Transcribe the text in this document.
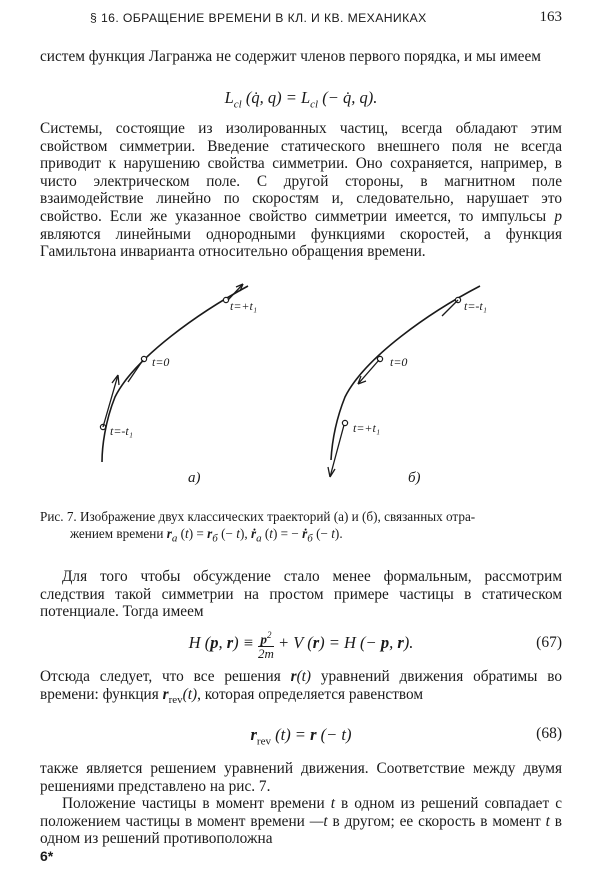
§ 16. ОБРАЩЕНИЕ ВРЕМЕНИ В КЛ. И КВ. МЕХАНИКАХ	163

систем функция Лагранжа не содержит членов первого порядка, и мы имеем

$L_{cl}$ (q̇, $q) = L_{cl}$ (− q̇, q).

Системы, состоящие из изолированных частиц, всегда обладают этим свойством симметрии. Введение статического внешнего поля не всегда приводит к нарушению свойства симметрии. Оно сохраняется, например, в чисто электрическом поле. С другой стороны, в магнитном поле взаимодействие линейно по скоростям и, следовательно, нарушает это свойство. Если же указанное свойство симметрии имеется, то импульсы p являются линейными однородными функциями скоростей, а функция Гамильтона инварианта относительно обращения времени.

t=+t₁
t=0
t=-t₁
а)
t=-t₁
t=0
t=+t₁
б)
Рис. 7. Изображение двух классических траекторий (а) и (б), связанных отра-
жением времени $r_a$ $(t) = r_б$ (− t), ṙ$_a$ (t) = − ṙ$_б$ (− t).

Для того чтобы обсуждение стало менее формальным, рассмотрим следствия такой симметрии на простом примере частицы в статическом потенциале. Тогда имеем

H (p, $r) \equiv \frac{p^2}{2m} + V$ (r) = H (− p, r).	(67)

Отсюда следует, что все решения r(t) уравнений движения обратимы во времени: функция $r_{rev}(t)$, которая определяется равенством

$r_{rev}$ (t) = r (− t)	(68)

также является решением уравнений движения. Соответствие между двумя решениями представлено на рис. 7.

Положение частицы в момент времени t в одном из решений совпадает с положением частицы в момент времени —t в другом; ее скорость в момент t в одном из решений противоположна

6*
